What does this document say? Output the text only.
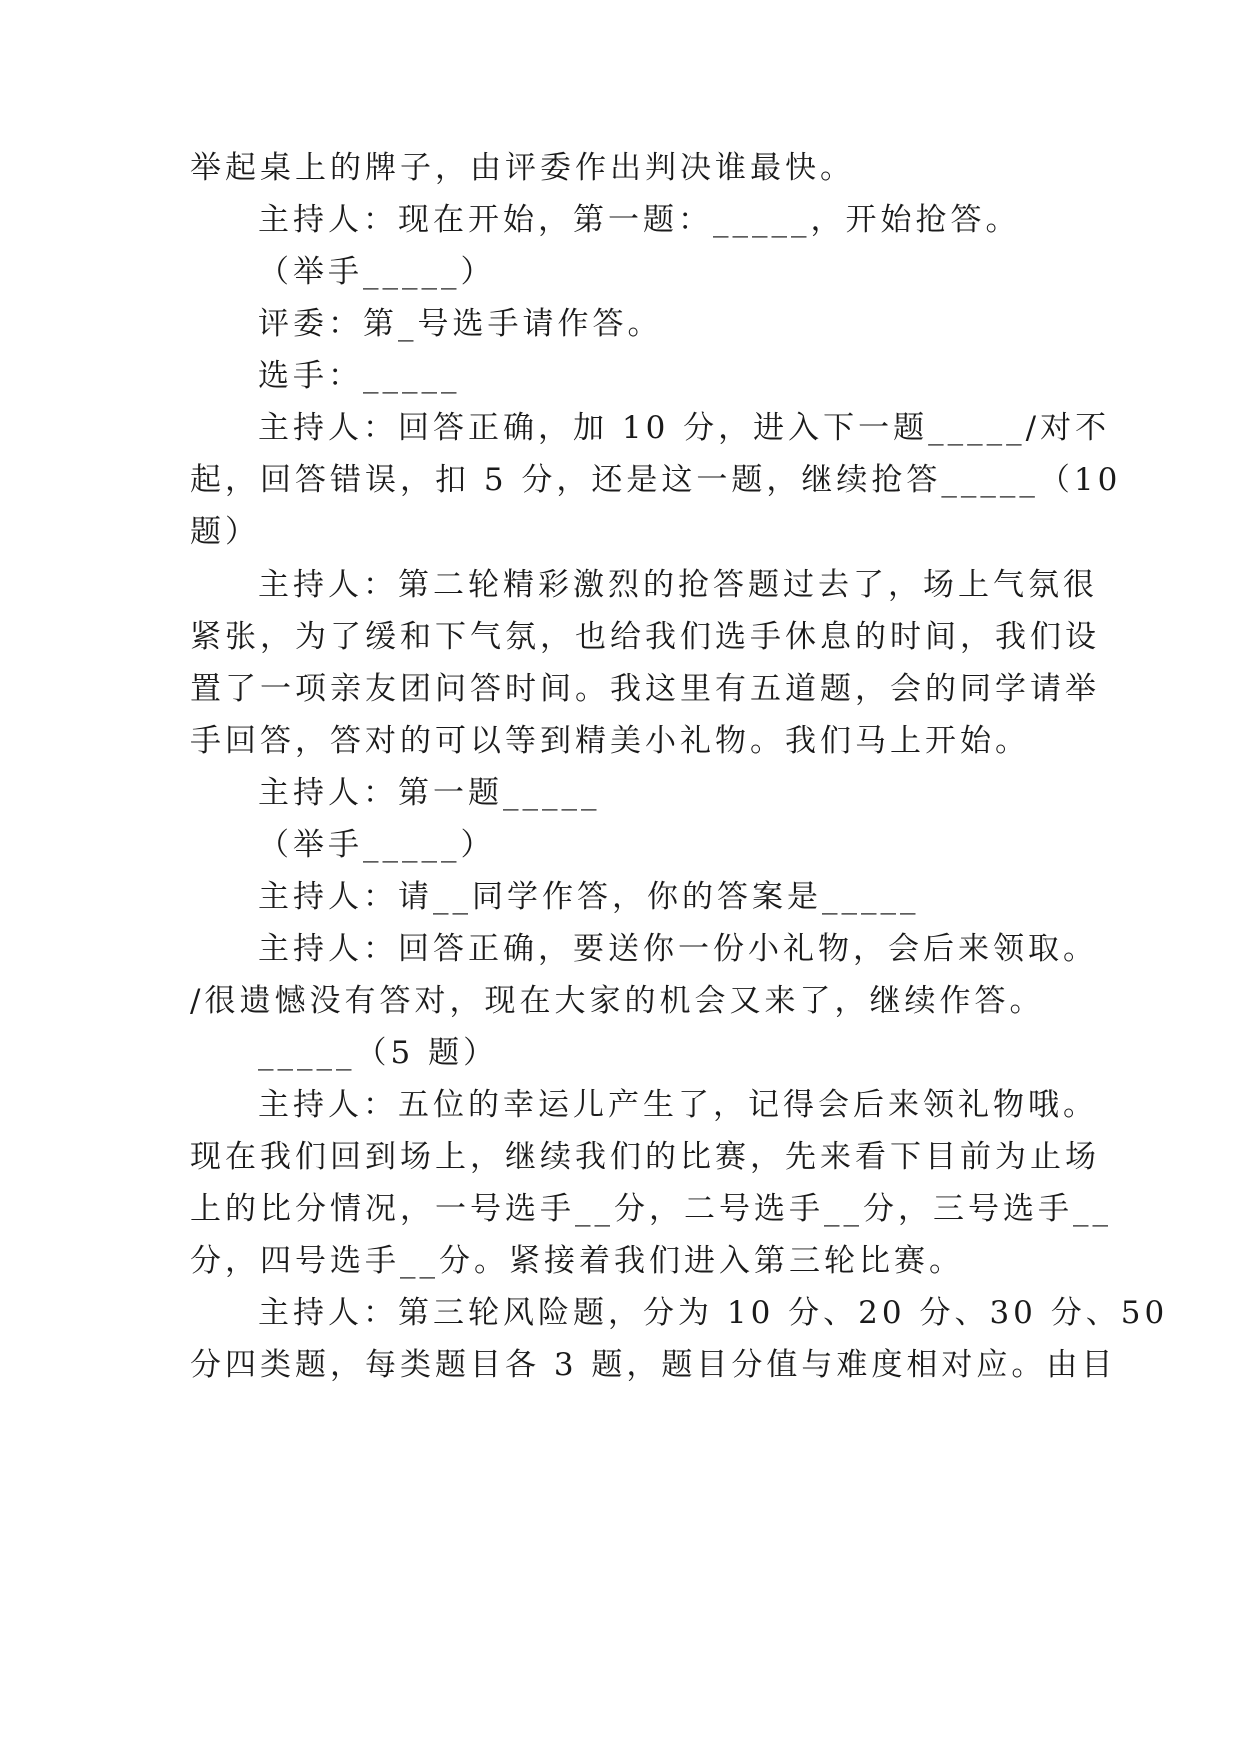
举起桌上的牌子，由评委作出判决谁最快。
主持人：现在开始，第一题：_____，开始抢答。
（举手_____）
评委：第_号选手请作答。
选手：_____
主持人：回答正确，加 10 分，进入下一题_____/对不
起，回答错误，扣 5 分，还是这一题，继续抢答_____（10
题）
主持人：第二轮精彩激烈的抢答题过去了，场上气氛很
紧张，为了缓和下气氛，也给我们选手休息的时间，我们设
置了一项亲友团问答时间。我这里有五道题，会的同学请举
手回答，答对的可以等到精美小礼物。我们马上开始。
主持人：第一题_____
（举手_____）
主持人：请__同学作答，你的答案是_____
主持人：回答正确，要送你一份小礼物，会后来领取。
/很遗憾没有答对，现在大家的机会又来了，继续作答。
_____（5 题）
主持人：五位的幸运儿产生了，记得会后来领礼物哦。
现在我们回到场上，继续我们的比赛，先来看下目前为止场
上的比分情况，一号选手__分，二号选手__分，三号选手__
分，四号选手__分。紧接着我们进入第三轮比赛。
主持人：第三轮风险题，分为 10 分、20 分、30 分、50
分四类题，每类题目各 3 题，题目分值与难度相对应。由目
